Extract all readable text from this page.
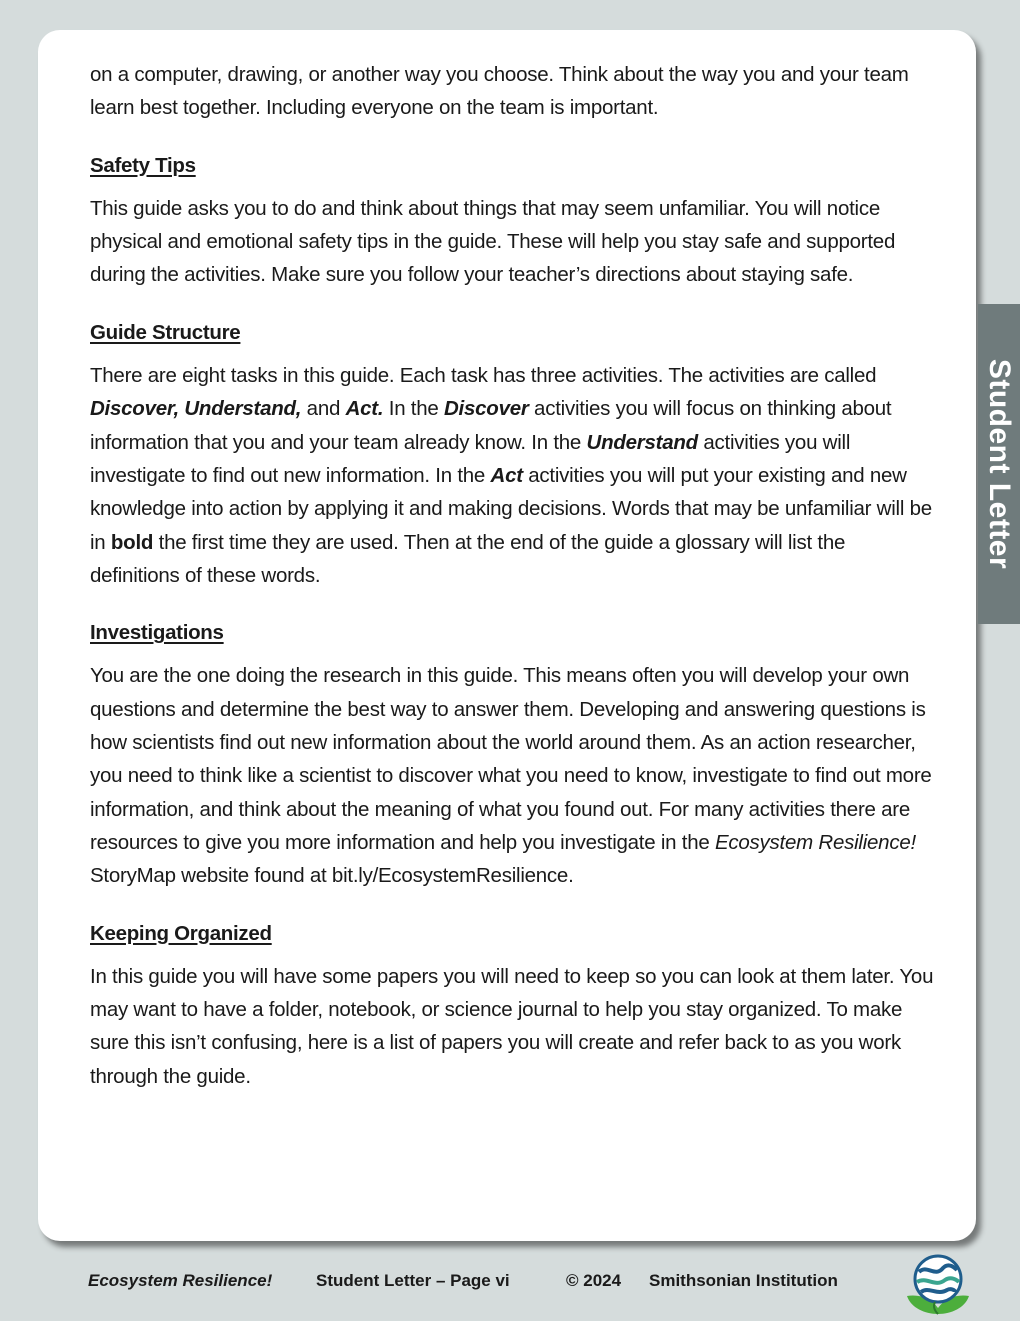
on a computer, drawing, or another way you choose. Think about the way you and your team learn best together. Including everyone on the team is important.

Safety Tips

This guide asks you to do and think about things that may seem unfamiliar. You will notice physical and emotional safety tips in the guide. These will help you stay safe and supported during the activities. Make sure you follow your teacher’s directions about staying safe.

Guide Structure

There are eight tasks in this guide. Each task has three activities. The activities are called Discover, Understand, and Act. In the Discover activities you will focus on thinking about information that you and your team already know. In the Understand activities you will investigate to find out new information. In the Act activities you will put your existing and new knowledge into action by applying it and making decisions. Words that may be unfamiliar will be in bold the first time they are used. Then at the end of the guide a glossary will list the definitions of these words.

Investigations

You are the one doing the research in this guide. This means often you will develop your own questions and determine the best way to answer them. Developing and answering questions is how scientists find out new information about the world around them. As an action researcher, you need to think like a scientist to discover what you need to know, investigate to find out more information, and think about the meaning of what you found out. For many activities there are resources to give you more information and help you investigate in the Ecosystem Resilience! StoryMap website found at bit.ly/EcosystemResilience.

Keeping Organized

In this guide you will have some papers you will need to keep so you can look at them later. You may want to have a folder, notebook, or science journal to help you stay organized. To make sure this isn’t confusing, here is a list of papers you will create and refer back to as you work through the guide.

Student Letter
Ecosystem Resilience!	Student Letter – Page vi	© 2024 Smithsonian Institution
